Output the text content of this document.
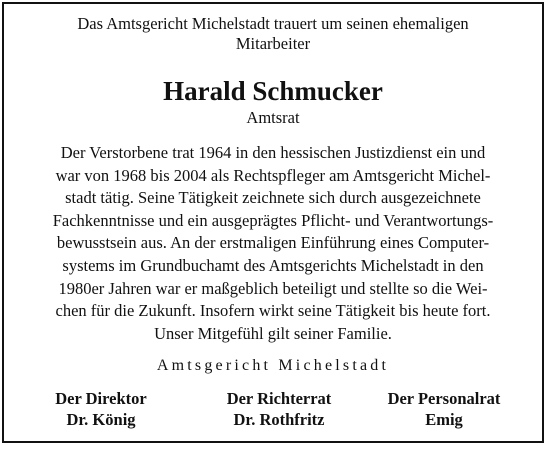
Das Amtsgericht Michelstadt trauert um seinen ehemaligen
Mitarbeiter
Harald Schmucker
Amtsrat
Der Verstorbene trat 1964 in den hessischen Justizdienst ein und
war von 1968 bis 2004 als Rechtspfleger am Amtsgericht Michel-
stadt tätig. Seine Tätigkeit zeichnete sich durch ausgezeichnete
Fachkenntnisse und ein ausgeprägtes Pflicht- und Verantwortungs-
bewusstsein aus. An der erstmaligen Einführung eines Computer-
systems im Grundbuchamt des Amtsgerichts Michelstadt in den
1980er Jahren war er maßgeblich beteiligt und stellte so die Wei-
chen für die Zukunft. Insofern wirkt seine Tätigkeit bis heute fort.
Unser Mitgefühl gilt seiner Familie.
Amtsgericht Michelstadt
Der Direktor
Dr. König
Der Richterrat
Dr. Rothfritz
Der Personalrat
Emig
